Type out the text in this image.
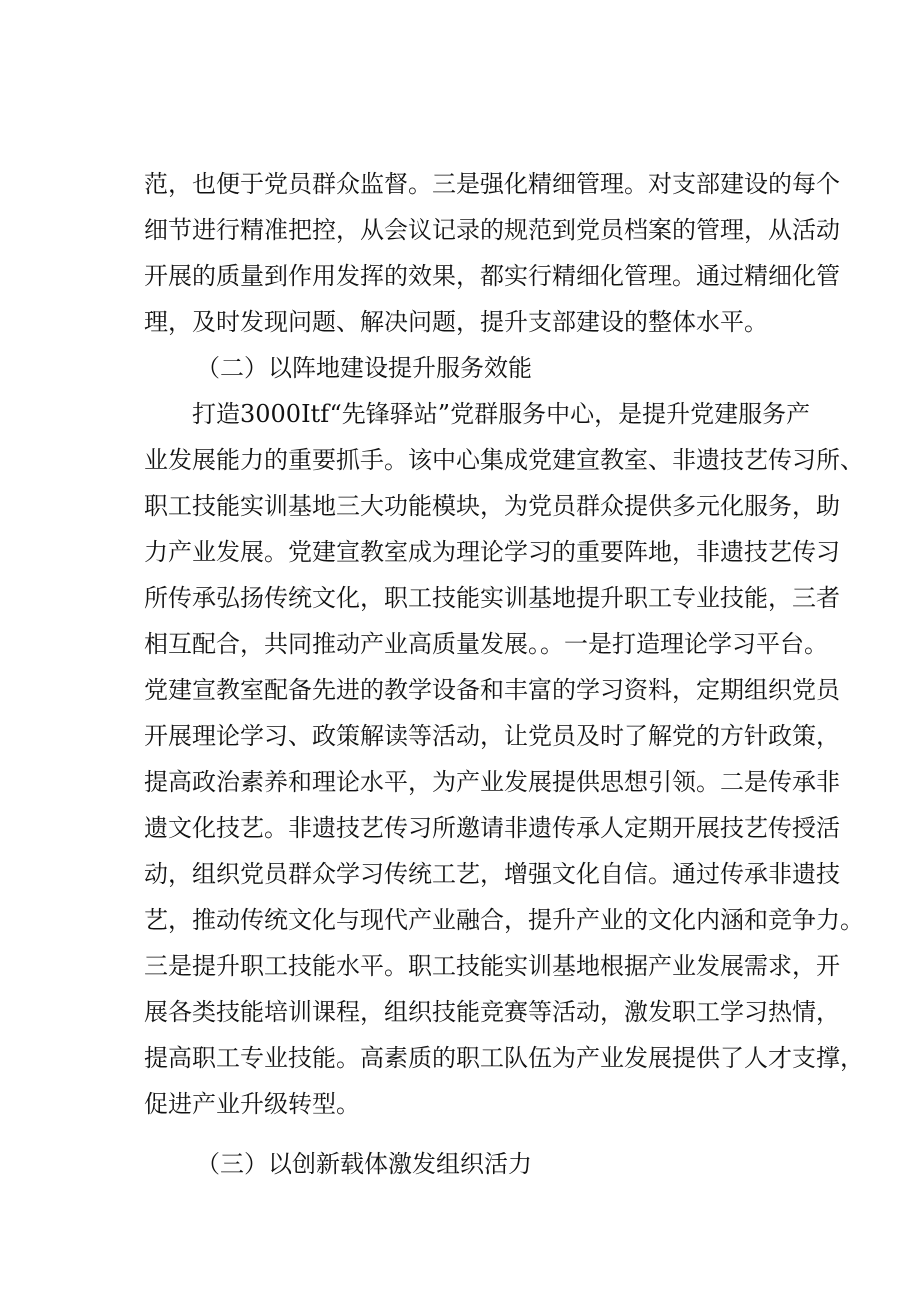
范，也便于党员群众监督。三是强化精细管理。对支部建设的每个
细节进行精准把控，从会议记录的规范到党员档案的管理，从活动
开展的质量到作用发挥的效果，都实行精细化管理。通过精细化管
理，及时发现问题、解决问题，提升支部建设的整体水平。
（二）以阵地建设提升服务效能
打造3000Itf“先锋驿站”党群服务中心，是提升党建服务产
业发展能力的重要抓手。该中心集成党建宣教室、非遗技艺传习所、
职工技能实训基地三大功能模块，为党员群众提供多元化服务，助
力产业发展。党建宣教室成为理论学习的重要阵地，非遗技艺传习
所传承弘扬传统文化，职工技能实训基地提升职工专业技能，三者
相互配合，共同推动产业高质量发展。。一是打造理论学习平台。
党建宣教室配备先进的教学设备和丰富的学习资料，定期组织党员
开展理论学习、政策解读等活动，让党员及时了解党的方针政策，
提高政治素养和理论水平，为产业发展提供思想引领。二是传承非
遗文化技艺。非遗技艺传习所邀请非遗传承人定期开展技艺传授活
动，组织党员群众学习传统工艺，增强文化自信。通过传承非遗技
艺，推动传统文化与现代产业融合，提升产业的文化内涵和竞争力。
三是提升职工技能水平。职工技能实训基地根据产业发展需求，开
展各类技能培训课程，组织技能竞赛等活动，激发职工学习热情，
提高职工专业技能。高素质的职工队伍为产业发展提供了人才支撑，
促进产业升级转型。
（三）以创新载体激发组织活力
